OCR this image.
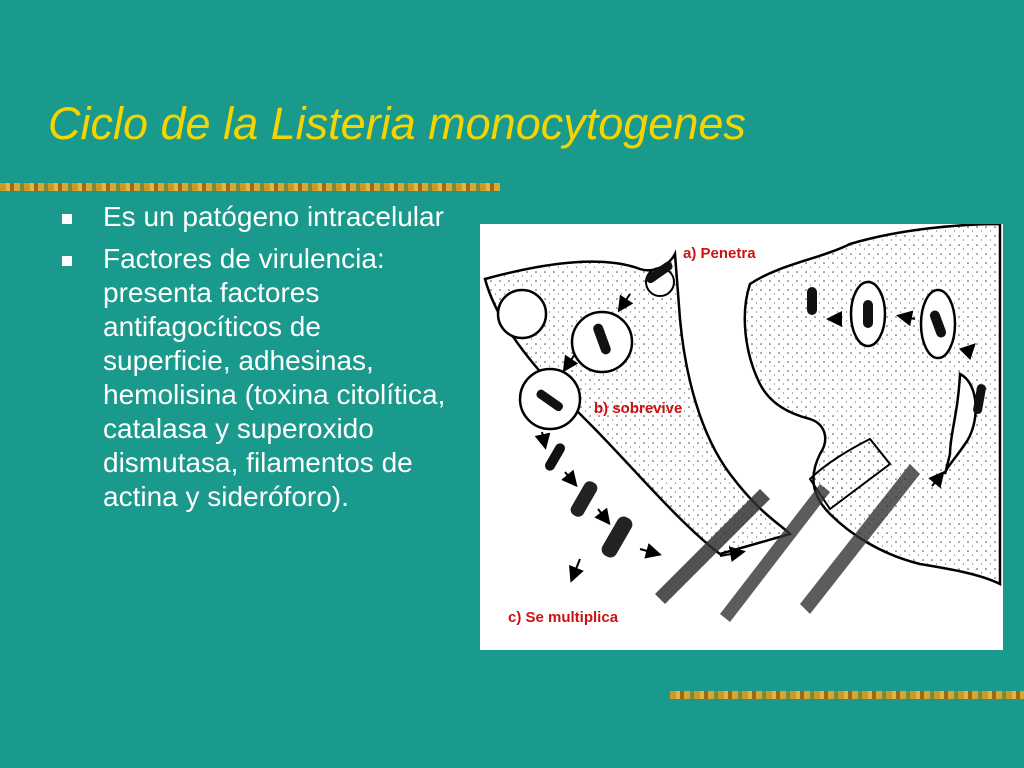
Ciclo de la Listeria monocytogenes
Es un patógeno intracelular
Factores de virulencia: presenta factores antifagocíticos de superficie, adhesinas, hemolisina (toxina citolítica, catalasa y superoxido dismutasa, filamentos de actina y sideróforo).
a) Penetra
b) sobrevive
c) Se multiplica
